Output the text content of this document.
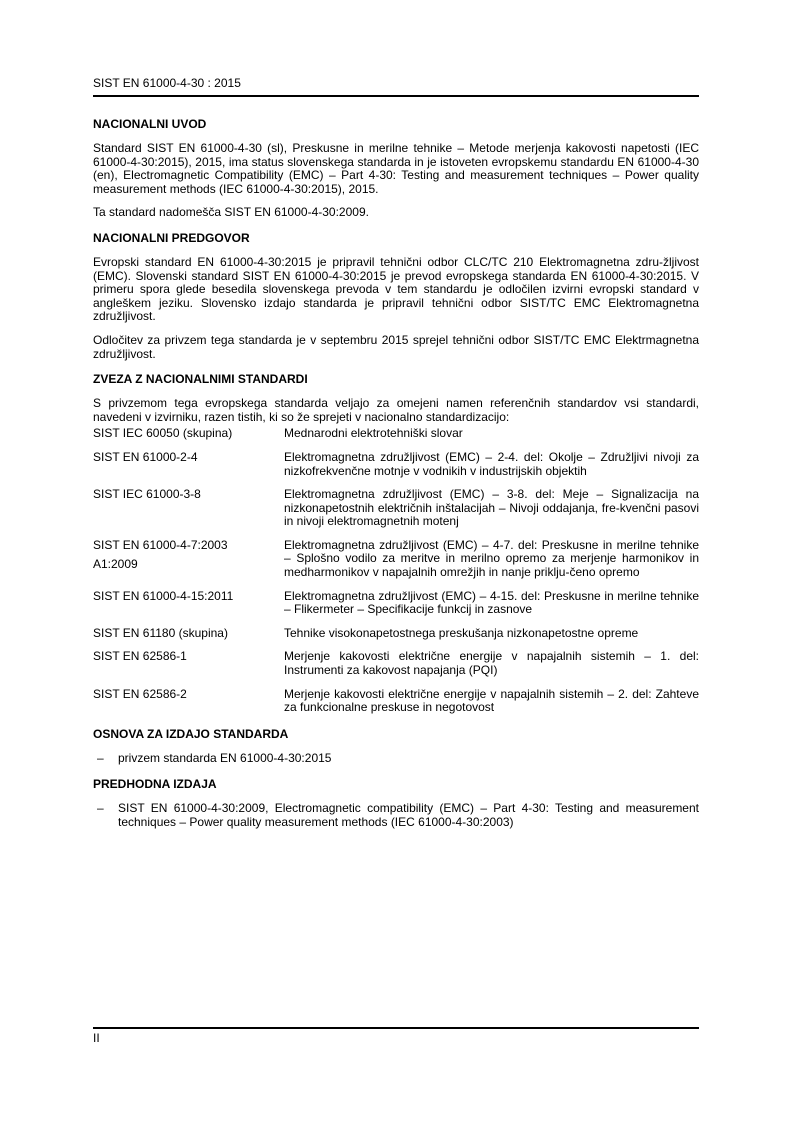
SIST EN 61000-4-30 : 2015
NACIONALNI UVOD

Standard SIST EN 61000-4-30 (sl), Preskusne in merilne tehnike – Metode merjenja kakovosti napetosti (IEC 61000-4-30:2015), 2015, ima status slovenskega standarda in je istoveten evropskemu standardu EN 61000-4-30 (en), Electromagnetic Compatibility (EMC) – Part 4-30: Testing and measurement techniques – Power quality measurement methods (IEC 61000-4-30:2015), 2015.

Ta standard nadomešča SIST EN 61000-4-30:2009.

NACIONALNI PREDGOVOR

Evropski standard EN 61000-4-30:2015 je pripravil tehnični odbor CLC/TC 210 Elektromagnetna zdru-žljivost (EMC). Slovenski standard SIST EN 61000-4-30:2015 je prevod evropskega standarda EN 61000-4-30:2015. V primeru spora glede besedila slovenskega prevoda v tem standardu je odločilen izvirni evropski standard v angleškem jeziku. Slovensko izdajo standarda je pripravil tehnični odbor SIST/TC EMC Elektromagnetna združljivost.

Odločitev za privzem tega standarda je v septembru 2015 sprejel tehnični odbor SIST/TC EMC Elektrmagnetna združljivost.

ZVEZA Z NACIONALNIMI STANDARDI

S privzemom tega evropskega standarda veljajo za omejeni namen referenčnih standardov vsi standardi, navedeni v izvirniku, razen tistih, ki so že sprejeti v nacionalno standardizacijo:

SIST IEC 60050 (skupina)	Mednarodni elektrotehniški slovar
SIST EN 61000-2-4	Elektromagnetna združljivost (EMC) – 2-4. del: Okolje – Združljivi nivoji za nizkofrekvenčne motnje v vodnikih v industrijskih objektih
SIST IEC 61000-3-8	Elektromagnetna združljivost (EMC) – 3-8. del: Meje – Signalizacija na nizkonapetostnih električnih inštalacijah – Nivoji oddajanja, fre-kvenčni pasovi in nivoji elektromagnetnih motenj
SIST EN 61000-4-7:2003
A1:2009	Elektromagnetna združljivost (EMC) – 4-7. del: Preskusne in merilne tehnike – Splošno vodilo za meritve in merilno opremo za merjenje harmonikov in medharmonikov v napajalnih omrežjih in nanje priklju-čeno opremo
SIST EN 61000-4-15:2011	Elektromagnetna združljivost (EMC) – 4-15. del: Preskusne in merilne tehnike – Flikermeter – Specifikacije funkcij in zasnove
SIST EN 61180 (skupina)	Tehnike visokonapetostnega preskušanja nizkonapetostne opreme
SIST EN 62586-1	Merjenje kakovosti električne energije v napajalnih sistemih – 1. del: Instrumenti za kakovost napajanja (PQI)
SIST EN 62586-2	Merjenje kakovosti električne energije v napajalnih sistemih – 2. del: Zahteve za funkcionalne preskuse in negotovost
OSNOVA ZA IZDAJO STANDARDA
– privzem standarda EN 61000-4-30:2015
PREDHODNA IZDAJA
– SIST EN 61000-4-30:2009, Electromagnetic compatibility (EMC) – Part 4-30: Testing and measurement techniques – Power quality measurement methods (IEC 61000-4-30:2003)
II
